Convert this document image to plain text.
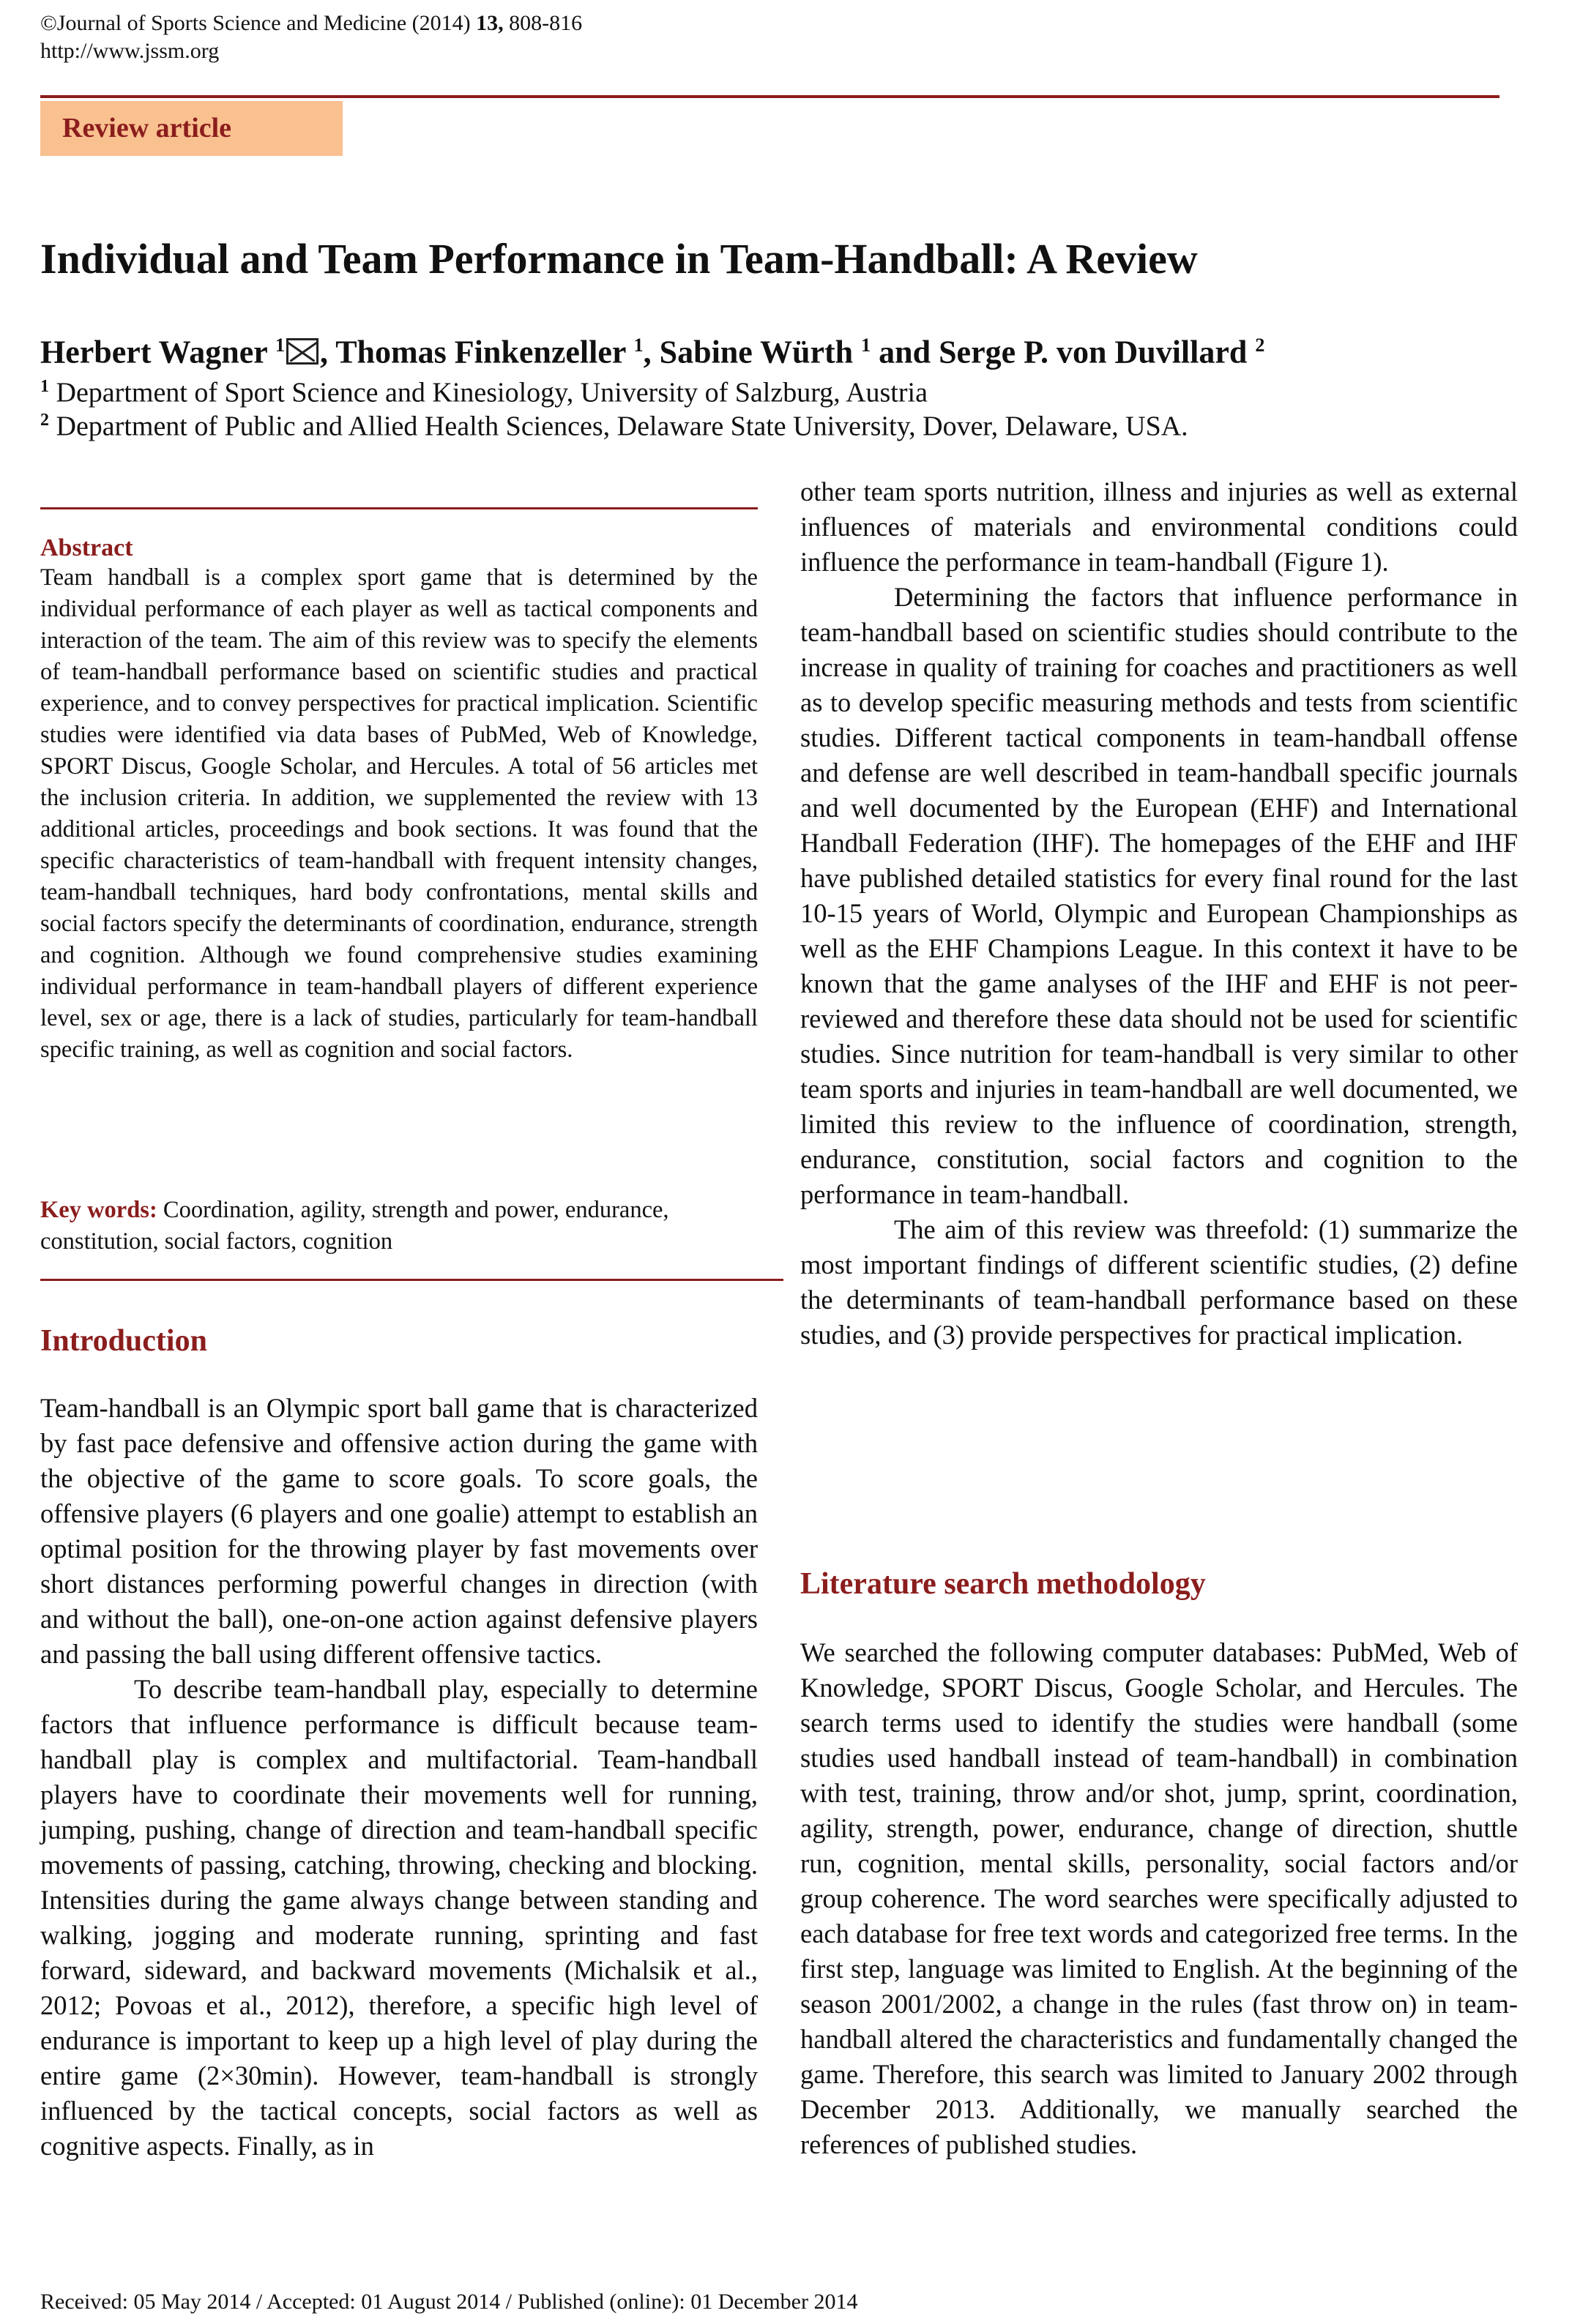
©Journal of Sports Science and Medicine (2014) 13, 808-816
http://www.jssm.org
Review article
Individual and Team Performance in Team-Handball: A Review
Herbert Wagner $^1$ , Thomas Finkenzeller $^1$, Sabine Würth $^1$ and Serge P. von Duvillard $^2$
$^1$ Department of Sport Science and Kinesiology, University of Salzburg, Austria
$^2$ Department of Public and Allied Health Sciences, Delaware State University, Dover, Delaware, USA.
Abstract
Team handball is a complex sport game that is determined by the individual performance of each player as well as tactical components and interaction of the team. The aim of this review was to specify the elements of team-handball performance based on scientific studies and practical experience, and to convey perspectives for practical implication. Scientific studies were identified via data bases of PubMed, Web of Knowledge, SPORT Discus, Google Scholar, and Hercules. A total of 56 articles met the inclusion criteria. In addition, we supplemented the review with 13 additional articles, proceedings and book sections. It was found that the specific characteristics of team-handball with frequent intensity changes, team-handball techniques, hard body confrontations, mental skills and social factors specify the determinants of coordination, endurance, strength and cognition. Although we found comprehensive studies examining individual performance in team-handball players of different experience level, sex or age, there is a lack of studies, particularly for team-handball specific training, as well as cognition and social factors.
Key words: Coordination, agility, strength and power, endurance, constitution, social factors, cognition
Introduction

Team-handball is an Olympic sport ball game that is characterized by fast pace defensive and offensive action during the game with the objective of the game to score goals. To score goals, the offensive players (6 players and one goalie) attempt to establish an optimal position for the throwing player by fast movements over short distances performing powerful changes in direction (with and without the ball), one-on-one action against defensive players and passing the ball using different offensive tactics.

To describe team-handball play, especially to determine factors that influence performance is difficult because team-handball play is complex and multifactorial. Team-handball players have to coordinate their movements well for running, jumping, pushing, change of direction and team-handball specific movements of passing, catching, throwing, checking and blocking. Intensities during the game always change between standing and walking, jogging and moderate running, sprinting and fast forward, sideward, and backward movements (Michalsik et al., 2012; Povoas et al., 2012), therefore, a specific high level of endurance is important to keep up a high level of play during the entire game (2×30min). However, team-handball is strongly influenced by the tactical concepts, social factors as well as cognitive aspects. Finally, as in

other team sports nutrition, illness and injuries as well as external influences of materials and environmental conditions could influence the performance in team-handball (Figure 1).

Determining the factors that influence performance in team-handball based on scientific studies should contribute to the increase in quality of training for coaches and practitioners as well as to develop specific measuring methods and tests from scientific studies. Different tactical components in team-handball offense and defense are well described in team-handball specific journals and well documented by the European (EHF) and International Handball Federation (IHF). The homepages of the EHF and IHF have published detailed statistics for every final round for the last 10-15 years of World, Olympic and European Championships as well as the EHF Champions League. In this context it have to be known that the game analyses of the IHF and EHF is not peer-reviewed and therefore these data should not be used for scientific studies. Since nutrition for team-handball is very similar to other team sports and injuries in team-handball are well documented, we limited this review to the influence of coordination, strength, endurance, constitution, social factors and cognition to the performance in team-handball.

The aim of this review was threefold: (1) summarize the most important findings of different scientific studies, (2) define the determinants of team-handball performance based on these studies, and (3) provide perspectives for practical implication.

Literature search methodology

We searched the following computer databases: PubMed, Web of Knowledge, SPORT Discus, Google Scholar, and Hercules. The search terms used to identify the studies were handball (some studies used handball instead of team-handball) in combination with test, training, throw and/or shot, jump, sprint, coordination, agility, strength, power, endurance, change of direction, shuttle run, cognition, mental skills, personality, social factors and/or group coherence. The word searches were specifically adjusted to each database for free text words and categorized free terms. In the first step, language was limited to English. At the beginning of the season 2001/2002, a change in the rules (fast throw on) in team-handball altered the characteristics and fundamentally changed the game. Therefore, this search was limited to January 2002 through December 2013. Additionally, we manually searched the references of published studies.

Received: 05 May 2014 / Accepted: 01 August 2014 / Published (online): 01 December 2014
